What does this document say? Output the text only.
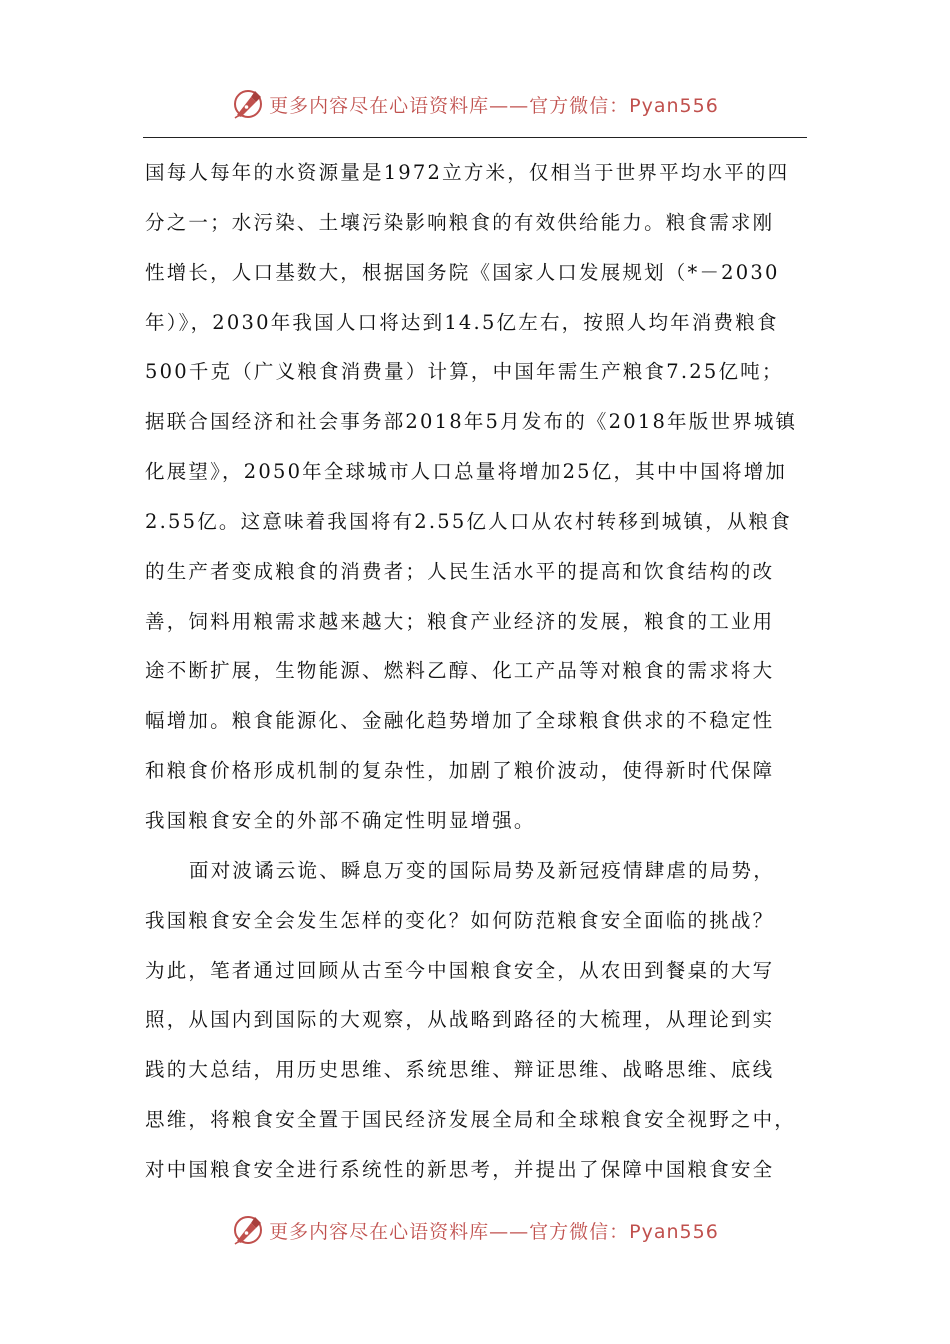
更多内容尽在心语资料库——官方微信：Pyan556
国每人每年的水资源量是1972立方米，仅相当于世界平均水平的四
分之一；水污染、土壤污染影响粮食的有效供给能力。粮食需求刚
性增长，人口基数大，根据国务院《国家人口发展规划（*－2030
年）》，2030年我国人口将达到14.5亿左右，按照人均年消费粮食
500千克（广义粮食消费量）计算，中国年需生产粮食7.25亿吨；
据联合国经济和社会事务部2018年5月发布的《2018年版世界城镇
化展望》，2050年全球城市人口总量将增加25亿，其中中国将增加
2.55亿。这意味着我国将有2.55亿人口从农村转移到城镇，从粮食
的生产者变成粮食的消费者；人民生活水平的提高和饮食结构的改
善，饲料用粮需求越来越大；粮食产业经济的发展，粮食的工业用
途不断扩展，生物能源、燃料乙醇、化工产品等对粮食的需求将大
幅增加。粮食能源化、金融化趋势增加了全球粮食供求的不稳定性
和粮食价格形成机制的复杂性，加剧了粮价波动，使得新时代保障
我国粮食安全的外部不确定性明显增强。
面对波谲云诡、瞬息万变的国际局势及新冠疫情肆虐的局势，
我国粮食安全会发生怎样的变化？如何防范粮食安全面临的挑战？
为此，笔者通过回顾从古至今中国粮食安全，从农田到餐桌的大写
照，从国内到国际的大观察，从战略到路径的大梳理，从理论到实
践的大总结，用历史思维、系统思维、辩证思维、战略思维、底线
思维，将粮食安全置于国民经济发展全局和全球粮食安全视野之中，
对中国粮食安全进行系统性的新思考，并提出了保障中国粮食安全
更多内容尽在心语资料库——官方微信：Pyan556
